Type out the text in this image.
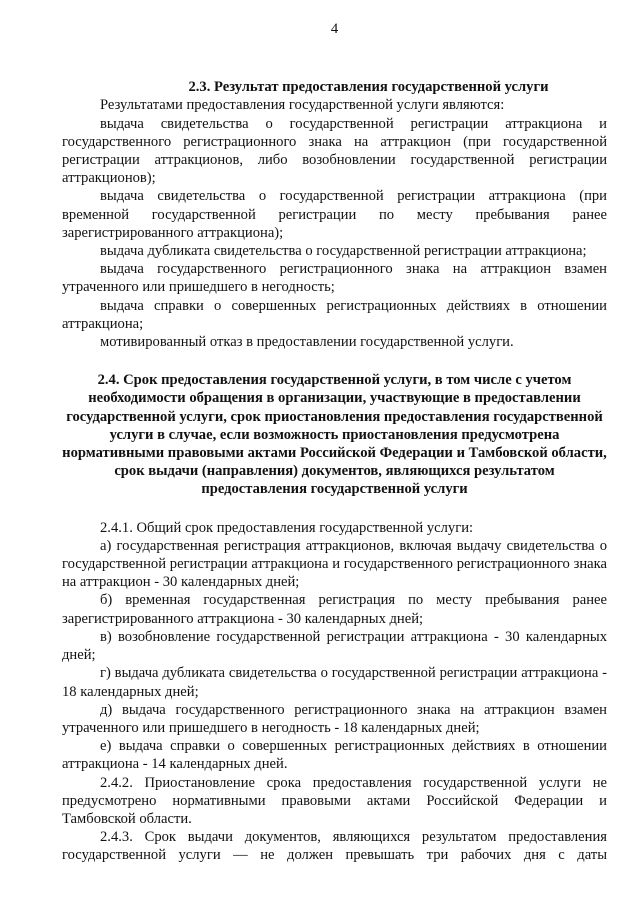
4

2.3. Результат предоставления государственной услуги

Результатами предоставления государственной услуги являются:

выдача свидетельства о государственной регистрации аттракциона и государственного регистрационного знака на аттракцион (при государственной регистрации аттракционов, либо возобновлении государственной регистрации аттракционов);

выдача свидетельства о государственной регистрации аттракциона (при временной государственной регистрации по месту пребывания ранее зарегистрированного аттракциона);

выдача дубликата свидетельства о государственной регистрации аттракциона;

выдача государственного регистрационного знака на аттракцион взамен утраченного или пришедшего в негодность;

выдача справки о совершенных регистрационных действиях в отношении аттракциона;

мотивированный отказ в предоставлении государственной услуги.

2.4. Срок предоставления государственной услуги, в том числе с учетом необходимости обращения в организации, участвующие в предоставлении государственной услуги, срок приостановления предоставления государственной услуги в случае, если возможность приостановления предусмотрена нормативными правовыми актами Российской Федерации и Тамбовской области, срок выдачи (направления) документов, являющихся результатом предоставления государственной услуги

2.4.1. Общий срок предоставления государственной услуги:

а) государственная регистрация аттракционов, включая выдачу свидетельства о государственной регистрации аттракциона и государственного регистрационного знака на аттракцион - 30 календарных дней;

б) временная государственная регистрация по месту пребывания ранее зарегистрированного аттракциона - 30 календарных дней;

в) возобновление государственной регистрации аттракциона - 30 календарных дней;

г) выдача дубликата свидетельства о государственной регистрации аттракциона - 18 календарных дней;

д) выдача государственного регистрационного знака на аттракцион взамен утраченного или пришедшего в негодность - 18 календарных дней;

е) выдача справки о совершенных регистрационных действиях в отношении аттракциона - 14 календарных дней.

2.4.2. Приостановление срока предоставления государственной услуги не предусмотрено нормативными правовыми актами Российской Федерации и Тамбовской области.

2.4.3. Срок выдачи документов, являющихся результатом предоставления государственной услуги — не должен превышать три рабочих дня с даты
